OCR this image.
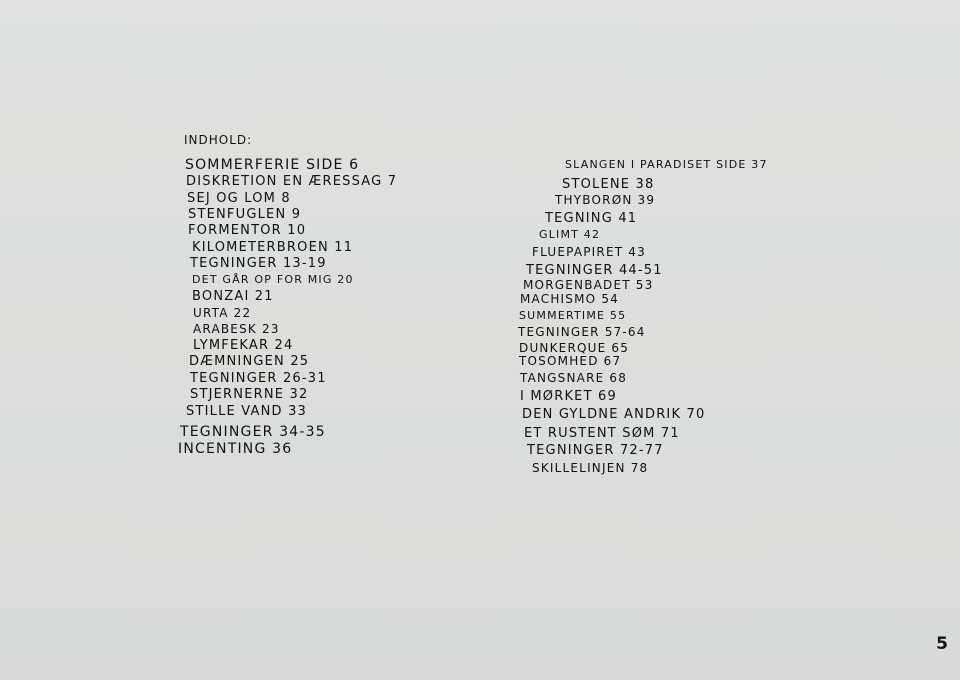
INDHOLD:
SOMMERFERIE SIDE 6
DISKRETION EN ÆRESSAG 7
SEJ OG LOM 8
STENFUGLEN 9
FORMENTOR 10
KILOMETERBROEN 11
TEGNINGER 13-19
DET GÅR OP FOR MIG 20
BONZAI 21
URTA 22
ARABESK 23
LYMFEKAR 24
DÆMNINGEN 25
TEGNINGER 26-31
STJERNERNE 32
STILLE VAND 33
TEGNINGER 34-35
INCENTING 36
SLANGEN I PARADISET SIDE 37
STOLENE 38
THYBORØN 39
TEGNING 41
GLIMT 42
FLUEPAPIRET 43
TEGNINGER 44-51
MORGENBADET 53
MACHISMO 54
SUMMERTIME 55
TEGNINGER 57-64
DUNKERQUE 65
TOSOMHED 67
TANGSNARE 68
I MØRKET 69
DEN GYLDNE ANDRIK 70
ET RUSTENT SØM 71
TEGNINGER 72-77
SKILLELINJEN 78
5
